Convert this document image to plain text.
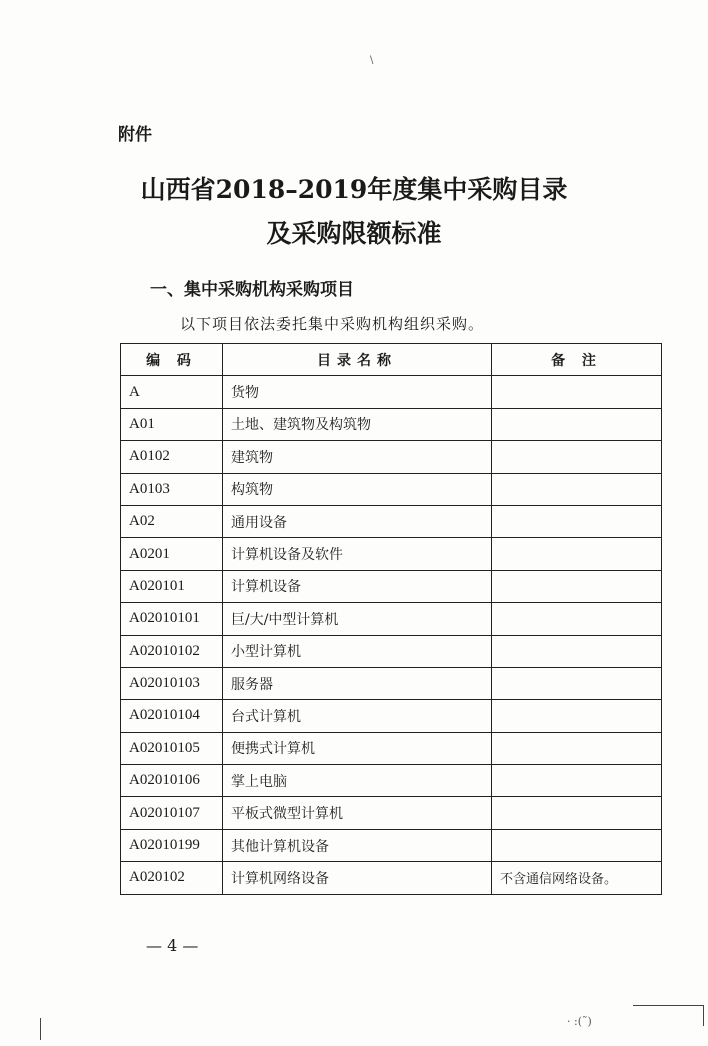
\
附件
山西省2018–2019年度集中采购目录
及采购限额标准
一、集中采购机构采购项目
以下项目依法委托集中采购机构组织采购。
编 码	目录名称	备 注
A	货物	
A01	土地、建筑物及构筑物	
A0102	建筑物	
A0103	构筑物	
A02	通用设备	
A0201	计算机设备及软件	
A020101	计算机设备	
A02010101	巨/大/中型计算机	
A02010102	小型计算机	
A02010103	服务器	
A02010104	台式计算机	
A02010105	便携式计算机	
A02010106	掌上电脑	
A02010107	平板式微型计算机	
A02010199	其他计算机设备	
A020102	计算机网络设备	不含通信网络设备。
— 4 —
· :(˜)
